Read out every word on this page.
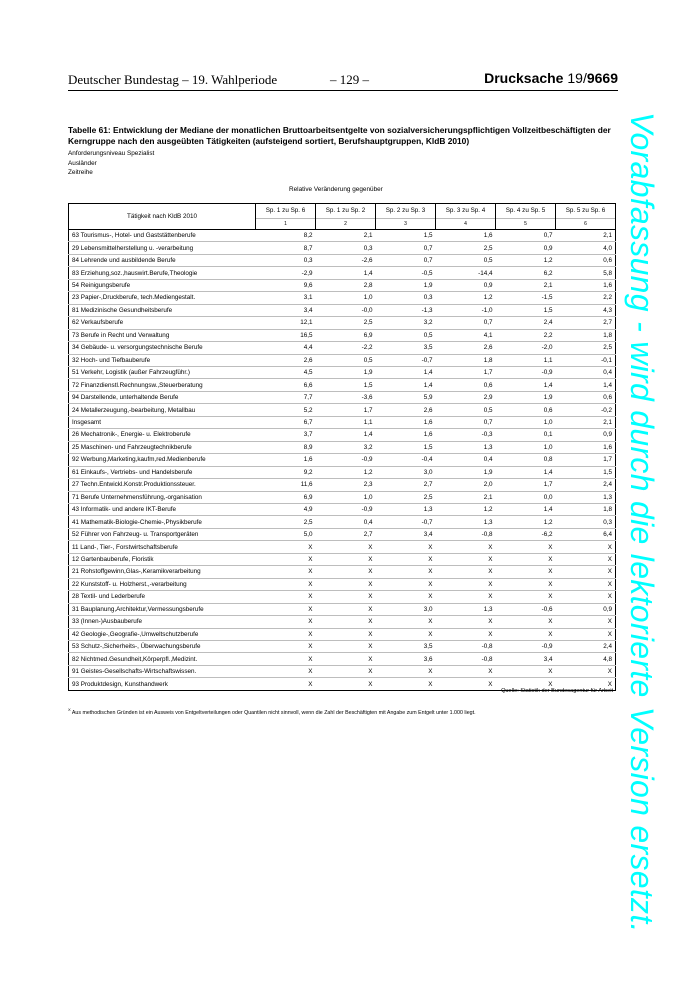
Deutscher Bundestag – 19. Wahlperiode	– 129 –	Drucksache 19/9669
Tabelle 61: Entwicklung der Mediane der monatlichen Bruttoarbeitsentgelte von sozialversicherungspflichtigen Vollzeitbeschäftigten der Kerngruppe nach den ausgeübten Tätigkeiten (aufsteigend sortiert, Berufshauptgruppen, KldB 2010)
Anforderungsniveau Spezialist
Ausländer
Zeitreihe
Relative Veränderung gegenüber
Tätigkeit nach KldB 2010	Sp. 1 zu Sp. 6	Sp. 1 zu Sp. 2	Sp. 2 zu Sp. 3	Sp. 3 zu Sp. 4	Sp. 4 zu Sp. 5	Sp. 5 zu Sp. 6
	1	2	3	4	5	6
63 Tourismus-, Hotel- und Gaststättenberufe	8,2	2,1	1,5	1,6	0,7	2,1
29 Lebensmittelherstellung u. -verarbeitung	8,7	0,3	0,7	2,5	0,9	4,0
84 Lehrende und ausbildende Berufe	0,3	-2,6	0,7	0,5	1,2	0,6
83 Erziehung,soz.,hauswirt.Berufe,Theologie	-2,9	1,4	-0,5	-14,4	6,2	5,8
54 Reinigungsberufe	9,6	2,8	1,9	0,9	2,1	1,6
23 Papier-,Druckberufe, tech.Mediengestalt.	3,1	1,0	0,3	1,2	-1,5	2,2
81 Medizinische Gesundheitsberufe	3,4	-0,0	-1,3	-1,0	1,5	4,3
62 Verkaufsberufe	12,1	2,5	3,2	0,7	2,4	2,7
73 Berufe in Recht und Verwaltung	16,5	6,9	0,5	4,1	2,2	1,8
34 Gebäude- u. versorgungstechnische Berufe	4,4	-2,2	3,5	2,6	-2,0	2,5
32 Hoch- und Tiefbauberufe	2,6	0,5	-0,7	1,8	1,1	-0,1
51 Verkehr, Logistik (außer Fahrzeugführ.)	4,5	1,9	1,4	1,7	-0,9	0,4
72 Finanzdienstl.Rechnungsw.,Steuerberatung	6,6	1,5	1,4	0,6	1,4	1,4
94 Darstellende, unterhaltende Berufe	7,7	-3,6	5,9	2,9	1,9	0,6
24 Metallerzeugung,-bearbeitung, Metallbau	5,2	1,7	2,6	0,5	0,6	-0,2
Insgesamt	6,7	1,1	1,6	0,7	1,0	2,1
26 Mechatronik-, Energie- u. Elektroberufe	3,7	1,4	1,6	-0,3	0,1	0,9
25 Maschinen- und Fahrzeugtechnikberufe	8,9	3,2	1,5	1,3	1,0	1,6
92 Werbung,Marketing,kaufm,red.Medienberufe	1,6	-0,9	-0,4	0,4	0,8	1,7
61 Einkaufs-, Vertriebs- und Handelsberufe	9,2	1,2	3,0	1,9	1,4	1,5
27 Techn.Entwickl.Konstr.Produktionssteuer.	11,6	2,3	2,7	2,0	1,7	2,4
71 Berufe Unternehmensführung,-organisation	6,9	1,0	2,5	2,1	0,0	1,3
43 Informatik- und andere IKT-Berufe	4,9	-0,9	1,3	1,2	1,4	1,8
41 Mathematik-Biologie-Chemie-,Physikberufe	2,5	0,4	-0,7	1,3	1,2	0,3
52 Führer von Fahrzeug- u. Transportgeräten	5,0	2,7	3,4	-0,8	-6,2	6,4
11 Land-, Tier-, Forstwirtschaftsberufe	X	X	X	X	X	X
12 Gartenbauberufe, Floristik	X	X	X	X	X	X
21 Rohstoffgewinn,Glas-,Keramikverarbeitung	X	X	X	X	X	X
22 Kunststoff- u. Holzherst.,-verarbeitung	X	X	X	X	X	X
28 Textil- und Lederberufe	X	X	X	X	X	X
31 Bauplanung,Architektur,Vermessungsberufe	X	X	3,0	1,3	-0,6	0,9
33 (Innen-)Ausbauberufe	X	X	X	X	X	X
42 Geologie-,Geografie-,Umweltschutzberufe	X	X	X	X	X	X
53 Schutz-,Sicherheits-, Überwachungsberufe	X	X	3,5	-0,8	-0,9	2,4
82 Nichtmed.Gesundheit,Körperpfl.,Medizint.	X	X	3,6	-0,8	3,4	4,8
91 Geistes-Gesellschafts-Wirtschaftswissen.	X	X	X	X	X	X
93 Produktdesign, Kunsthandwerk	X	X	X	X	X	X
Quelle: Statistik der Bundesagentur für Arbeit
$^X$ Aus methodischen Gründen ist ein Ausweis von Entgeltverteilungen oder Quantilen nicht sinnvoll, wenn die Zahl der Beschäftigten mit Angabe zum Entgelt unter 1.000 liegt.	Vorabfassung - wird durch die lektorierte Version ersetzt.
